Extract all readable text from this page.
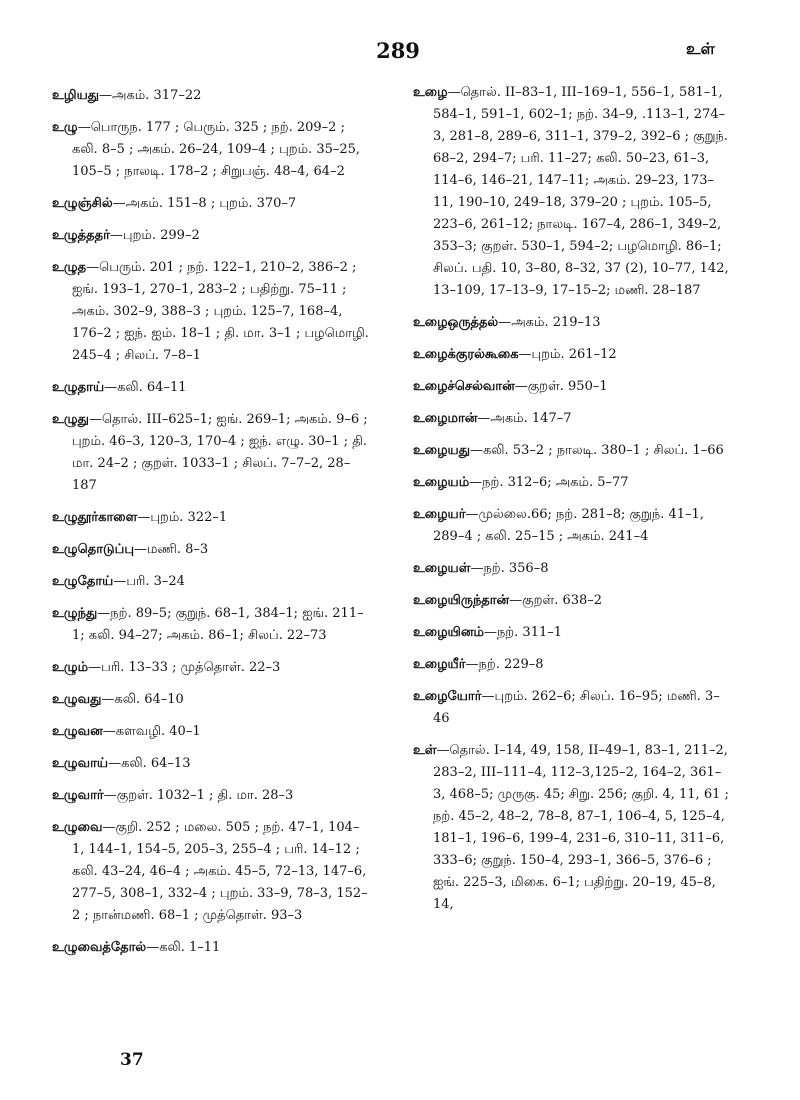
289	உள்
உழியது—அகம். 317–22
உழு—பொருந. 177 ; பெரும். 325 ; நற். 209–2 ; கலி. 8–5 ; அகம். 26–24, 109–4 ; புறம். 35–25, 105–5 ; நாலடி. 178–2 ; சிறுபஞ். 48–4, 64–2
உழுஞ்சில்—அகம். 151–8 ; புறம். 370–7
உழுத்ததர்—புறம். 299–2
உழுத—பெரும். 201 ; நற். 122–1, 210–2, 386–2 ; ஐங். 193–1, 270–1, 283–2 ; பதிற்று. 75–11 ; அகம். 302–9, 388–3 ; புறம். 125–7, 168–4, 176–2 ; ஐந். ஐம். 18–1 ; தி. மா. 3–1 ; பழமொழி. 245–4 ; சிலப். 7–8–1
உழுதாய்—கலி. 64–11
உழுது—தொல். III–625–1; ஐங். 269–1; அகம். 9–6 ; புறம். 46–3, 120–3, 170–4 ; ஐந். எழு. 30–1 ; தி. மா. 24–2 ; குறள். 1033–1 ; சிலப். 7–7–2, 28–187
உழுதூர்காளை—புறம். 322–1
உழுதொடுப்பு—மணி. 8–3
உழுதோய்—பரி. 3–24
உழுந்து—நற். 89–5; குறுந். 68–1, 384–1; ஐங். 211–1; கலி. 94–27; அகம். 86–1; சிலப். 22–73
உழும்—பரி. 13–33 ; முத்தொள். 22–3
உழுவது—கலி. 64–10
உழுவன—களவழி. 40–1
உழுவாய்—கலி. 64–13
உழுவார்—குறள். 1032–1 ; தி. மா. 28–3
உழுவை—குறி. 252 ; மலை. 505 ; நற். 47–1, 104–1, 144–1, 154–5, 205–3, 255–4 ; பரி. 14–12 ; கலி. 43–24, 46–4 ; அகம். 45–5, 72–13, 147–6, 277–5, 308–1, 332–4 ; புறம். 33–9, 78–3, 152–2 ; நான்மணி. 68–1 ; முத்தொள். 93–3
உழுவைத்தோல்—கலி. 1–11
உழை—தொல். II–83–1, III–169–1, 556–1, 581–1, 584–1, 591–1, 602–1; நற். 34–9, .113–1, 274–3, 281–8, 289–6, 311–1, 379–2, 392–6 ; குறுந். 68–2, 294–7; பரி. 11–27; கலி. 50–23, 61–3, 114–6, 146–21, 147–11; அகம். 29–23, 173–11, 190–10, 249–18, 379–20 ; புறம். 105–5, 223–6, 261–12; நாலடி. 167–4, 286–1, 349–2, 353–3; குறள். 530–1, 594–2; பழமொழி. 86–1; சிலப். பதி. 10, 3–80, 8–32, 37 (2), 10–77, 142, 13–109, 17–13–9, 17–15–2; மணி. 28–187
உழைஒருத்தல்—அகம். 219–13
உழைக்குரல்கூகை—புறம். 261–12
உழைச்செல்வான்—குறள். 950–1
உழைமான்—அகம். 147–7
உழையது—கலி. 53–2 ; நாலடி. 380–1 ; சிலப். 1–66
உழையம்—நற். 312–6; அகம். 5–77
உழையர்—முல்லை.66; நற். 281–8; குறுந். 41–1, 289–4 ; கலி. 25–15 ; அகம். 241–4
உழையள்—நற். 356–8
உழையிருந்தான்—குறள். 638–2
உழையினம்—நற். 311–1
உழையீர்—நற். 229–8
உழையோர்—புறம். 262–6; சிலப். 16–95; மணி. 3–46
உள்—தொல். I–14, 49, 158, II–49–1, 83–1, 211–2, 283–2, III–111–4, 112–3,125–2, 164–2, 361–3, 468–5; முருகு. 45; சிறு. 256; குறி. 4, 11, 61 ; நற். 45–2, 48–2, 78–8, 87–1, 106–4, 5, 125–4, 181–1, 196–6, 199–4, 231–6, 310–11, 311–6, 333–6; குறுந். 150–4, 293–1, 366–5, 376–6 ; ஐங். 225–3, மிகை. 6–1; பதிற்று. 20–19, 45–8, 14,
37
